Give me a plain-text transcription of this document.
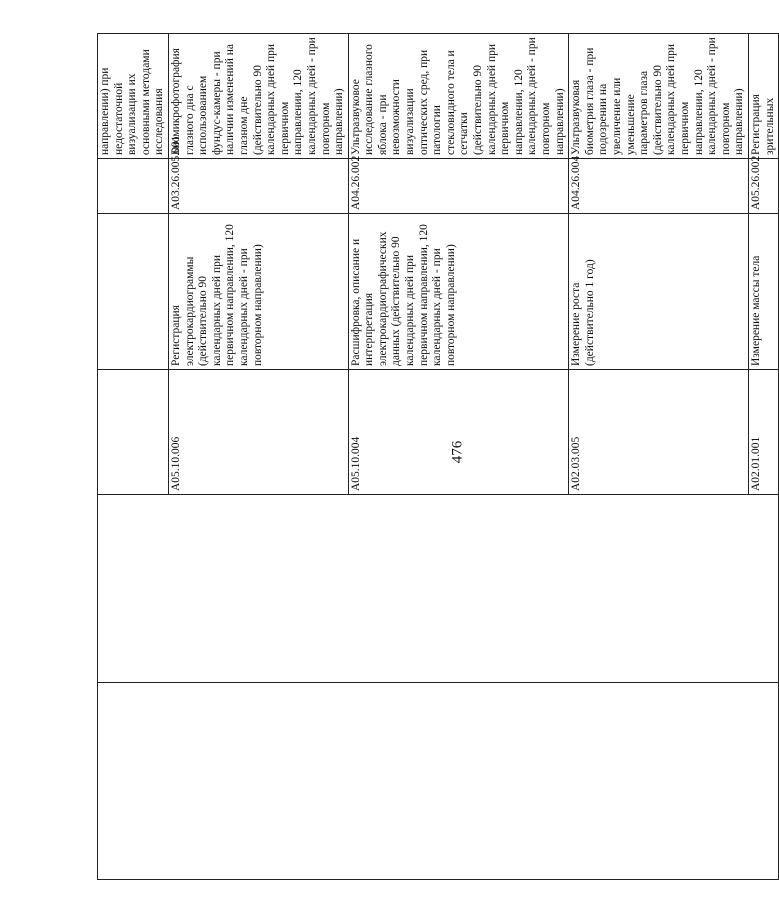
476

					направлении) при недостаточной визуализации их основными методами исследования

		A05.10.006	Регистрация электрокардиограммы (действительно 90 календарных дней при первичном направлении, 120 календарных дней - при повторном направлении)	A03.26.005.001	Биомикрофотография глазного дна с использованием фундус-камеры - при наличии изменений на глазном дне (действительно 90 календарных дней при первичном направлении, 120 календарных дней - при повторном направлении)

		A05.10.004	Расшифровка, описание и интерпретация электрокардиографических данных (действительно 90 календарных дней при первичном направлении, 120 календарных дней - при повторном направлении)	A04.26.002	Ультразвуковое исследование глазного яблока - при невозможности визуализации оптических сред, при патологии стекловидного тела и сетчатки (действительно 90 календарных дней при первичном направлении, 120 календарных дней - при повторном направлении)

		A02.03.005	Измерение роста (действительно 1 год)	A04.26.004	Ультразвуковая биометрия глаза - при подозрении на увеличение или уменьшение параметров глаза (действительно 90 календарных дней при первичном направлении, 120 календарных дней - при повторном направлении)

		A02.01.001	Измерение массы тела	A05.26.002	Регистрация зрительных
